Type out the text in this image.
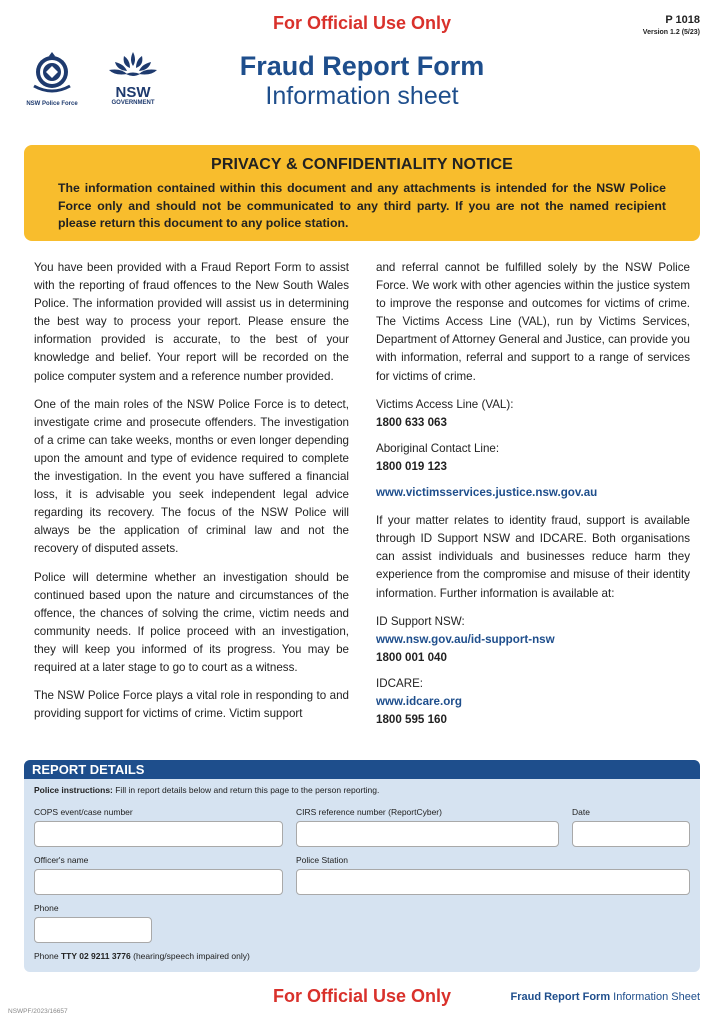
For Official Use Only	P 1018
Version 1.2 (5/23)
NSW Police Force
NSW
GOVERNMENT
Fraud Report Form
Information sheet
PRIVACY & CONFIDENTIALITY NOTICE

The information contained within this document and any attachments is intended for the NSW Police Force only and should not be communicated to any third party. If you are not the named recipient please return this document to any police station.

You have been provided with a Fraud Report Form to assist with the reporting of fraud offences to the New South Wales Police. The information provided will assist us in determining the best way to process your report. Please ensure the information provided is accurate, to the best of your knowledge and belief. Your report will be recorded on the police computer system and a reference number provided.

One of the main roles of the NSW Police Force is to detect, investigate crime and prosecute offenders. The investigation of a crime can take weeks, months or even longer depending upon the amount and type of evidence required to complete the investigation. In the event you have suffered a financial loss, it is advisable you seek independent legal advice regarding its recovery. The focus of the NSW Police will always be the application of criminal law and not the recovery of disputed assets.

Police will determine whether an investigation should be continued based upon the nature and circumstances of the offence, the chances of solving the crime, victim needs and community needs. If police proceed with an investigation, they will keep you informed of its progress. You may be required at a later stage to go to court as a witness.

The NSW Police Force plays a vital role in responding to and providing support for victims of crime. Victim support

and referral cannot be fulfilled solely by the NSW Police Force. We work with other agencies within the justice system to improve the response and outcomes for victims of crime. The Victims Access Line (VAL), run by Victims Services, Department of Attorney General and Justice, can provide you with information, referral and support to a range of services for victims of crime.

Victims Access Line (VAL):
1800 633 063
Aboriginal Contact Line:
1800 019 123
www.victimsservices.justice.nsw.gov.au

If your matter relates to identity fraud, support is available through ID Support NSW and IDCARE. Both organisations can assist individuals and businesses reduce harm they experience from the compromise and misuse of their identity information. Further information is available at:

ID Support NSW:
www.nsw.gov.au/id-support-nsw
1800 001 040
IDCARE:
www.idcare.org
1800 595 160
REPORT DETAILS
Police instructions: Fill in report details below and return this page to the person reporting.
COPS event/case number	CIRS reference number (ReportCyber)	Date
Officer's name	Police Station
Phone
Phone TTY 02 9211 3776 (hearing/speech impaired only)
For Official Use Only	Fraud Report Form Information Sheet
NSWPF/2023/16657
